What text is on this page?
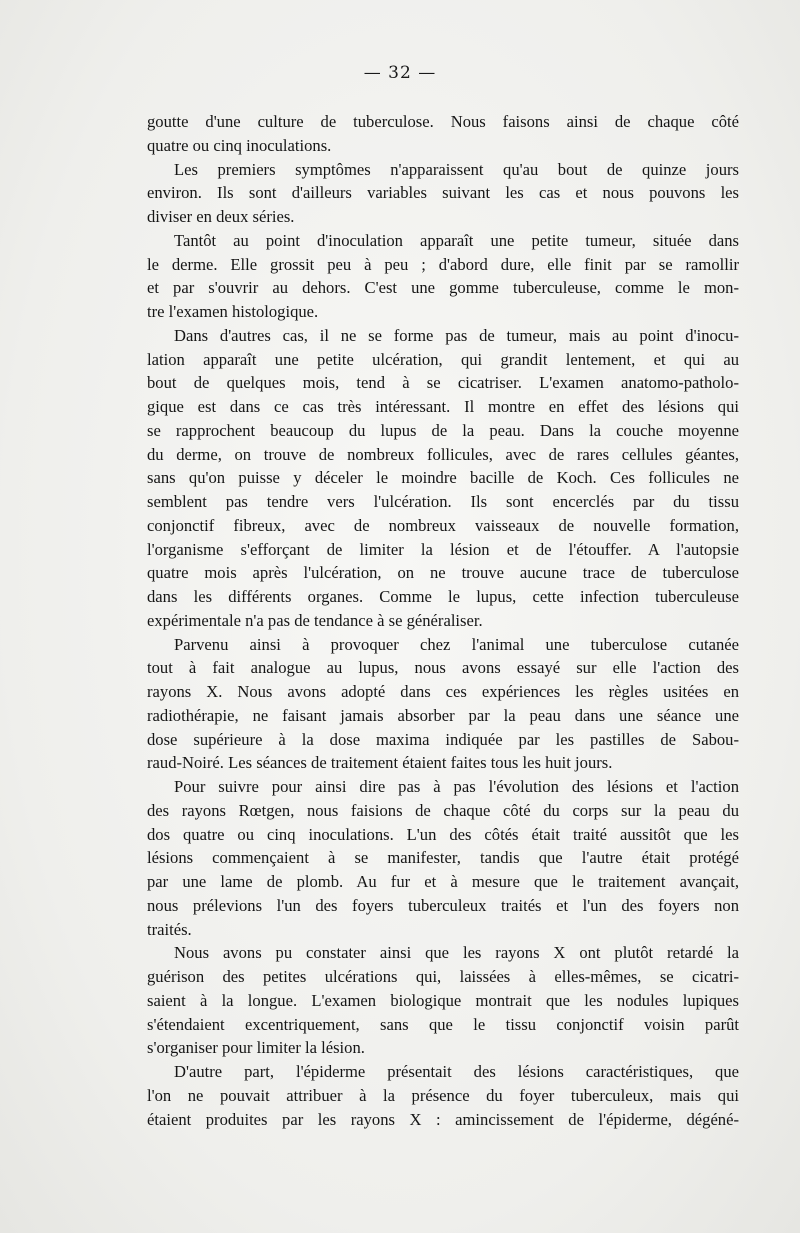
— 32 —
goutte d'une culture de tuberculose. Nous faisons ainsi de chaque côté
quatre ou cinq inoculations.
Les premiers symptômes n'apparaissent qu'au bout de quinze jours
environ. Ils sont d'ailleurs variables suivant les cas et nous pouvons les
diviser en deux séries.
Tantôt au point d'inoculation apparaît une petite tumeur, située dans
le derme. Elle grossit peu à peu ; d'abord dure, elle finit par se ramollir
et par s'ouvrir au dehors. C'est une gomme tuberculeuse, comme le mon-
tre l'examen histologique.
Dans d'autres cas, il ne se forme pas de tumeur, mais au point d'inocu-
lation apparaît une petite ulcération, qui grandit lentement, et qui au
bout de quelques mois, tend à se cicatriser. L'examen anatomo-patholo-
gique est dans ce cas très intéressant. Il montre en effet des lésions qui
se rapprochent beaucoup du lupus de la peau. Dans la couche moyenne
du derme, on trouve de nombreux follicules, avec de rares cellules géantes,
sans qu'on puisse y déceler le moindre bacille de Koch. Ces follicules ne
semblent pas tendre vers l'ulcération. Ils sont encerclés par du tissu
conjonctif fibreux, avec de nombreux vaisseaux de nouvelle formation,
l'organisme s'efforçant de limiter la lésion et de l'étouffer. A l'autopsie
quatre mois après l'ulcération, on ne trouve aucune trace de tuberculose
dans les différents organes. Comme le lupus, cette infection tuberculeuse
expérimentale n'a pas de tendance à se généraliser.
Parvenu ainsi à provoquer chez l'animal une tuberculose cutanée
tout à fait analogue au lupus, nous avons essayé sur elle l'action des
rayons X. Nous avons adopté dans ces expériences les règles usitées en
radiothérapie, ne faisant jamais absorber par la peau dans une séance une
dose supérieure à la dose maxima indiquée par les pastilles de Sabou-
raud-Noiré. Les séances de traitement étaient faites tous les huit jours.
Pour suivre pour ainsi dire pas à pas l'évolution des lésions et l'action
des rayons Rœtgen, nous faisions de chaque côté du corps sur la peau du
dos quatre ou cinq inoculations. L'un des côtés était traité aussitôt que les
lésions commençaient à se manifester, tandis que l'autre était protégé
par une lame de plomb. Au fur et à mesure que le traitement avançait,
nous prélevions l'un des foyers tuberculeux traités et l'un des foyers non
traités.
Nous avons pu constater ainsi que les rayons X ont plutôt retardé la
guérison des petites ulcérations qui, laissées à elles-mêmes, se cicatri-
saient à la longue. L'examen biologique montrait que les nodules lupiques
s'étendaient excentriquement, sans que le tissu conjonctif voisin parût
s'organiser pour limiter la lésion.
D'autre part, l'épiderme présentait des lésions caractéristiques, que
l'on ne pouvait attribuer à la présence du foyer tuberculeux, mais qui
étaient produites par les rayons X : amincissement de l'épiderme, dégéné-
